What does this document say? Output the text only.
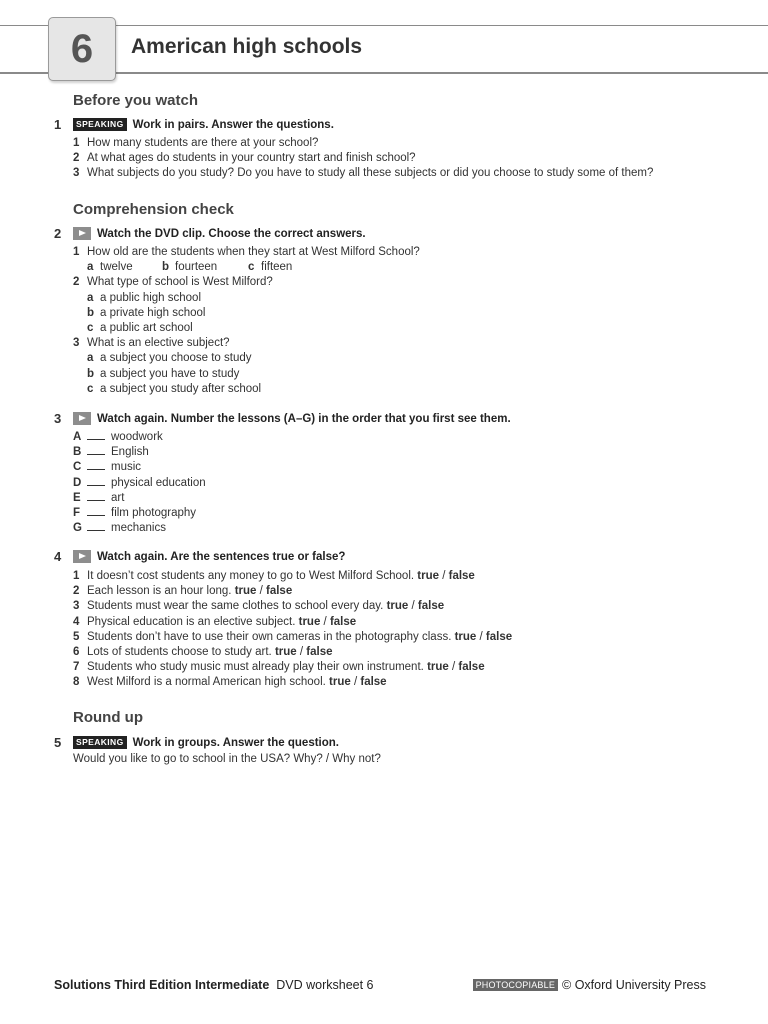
6 American high schools
Before you watch
1	SPEAKING Work in pairs. Answer the questions.
1 How many students are there at your school?
2 At what ages do students in your country start and finish school?
3 What subjects do you study? Do you have to study all these subjects or did you choose to study some of them?
Comprehension check
2	Watch the DVD clip. Choose the correct answers.
1 How old are the students when they start at West Milford School?
a twelve	b fourteen	c fifteen
2 What type of school is West Milford?
a a public high school
b a private high school
c a public art school
3 What is an elective subject?
a a subject you choose to study
b a subject you have to study
c a subject you study after school
3	Watch again. Number the lessons (A–G) in the order that you first see them.
A	woodwork
B	English
C	music
D	physical education
E	art
F	film photography
G	mechanics
4	Watch again. Are the sentences true or false?
1 It doesn’t cost students any money to go to West Milford School. true / false
2 Each lesson is an hour long. true / false
3 Students must wear the same clothes to school every day. true / false
4 Physical education is an elective subject. true / false
5 Students don’t have to use their own cameras in the photography class. true / false
6 Lots of students choose to study art. true / false
7 Students who study music must already play their own instrument. true / false
8 West Milford is a normal American high school. true / false
Round up
5	SPEAKING Work in groups. Answer the question.
Would you like to go to school in the USA? Why? / Why not?
Solutions Third Edition Intermediate DVD worksheet 6	PHOTOCOPIABLE © Oxford University Press
